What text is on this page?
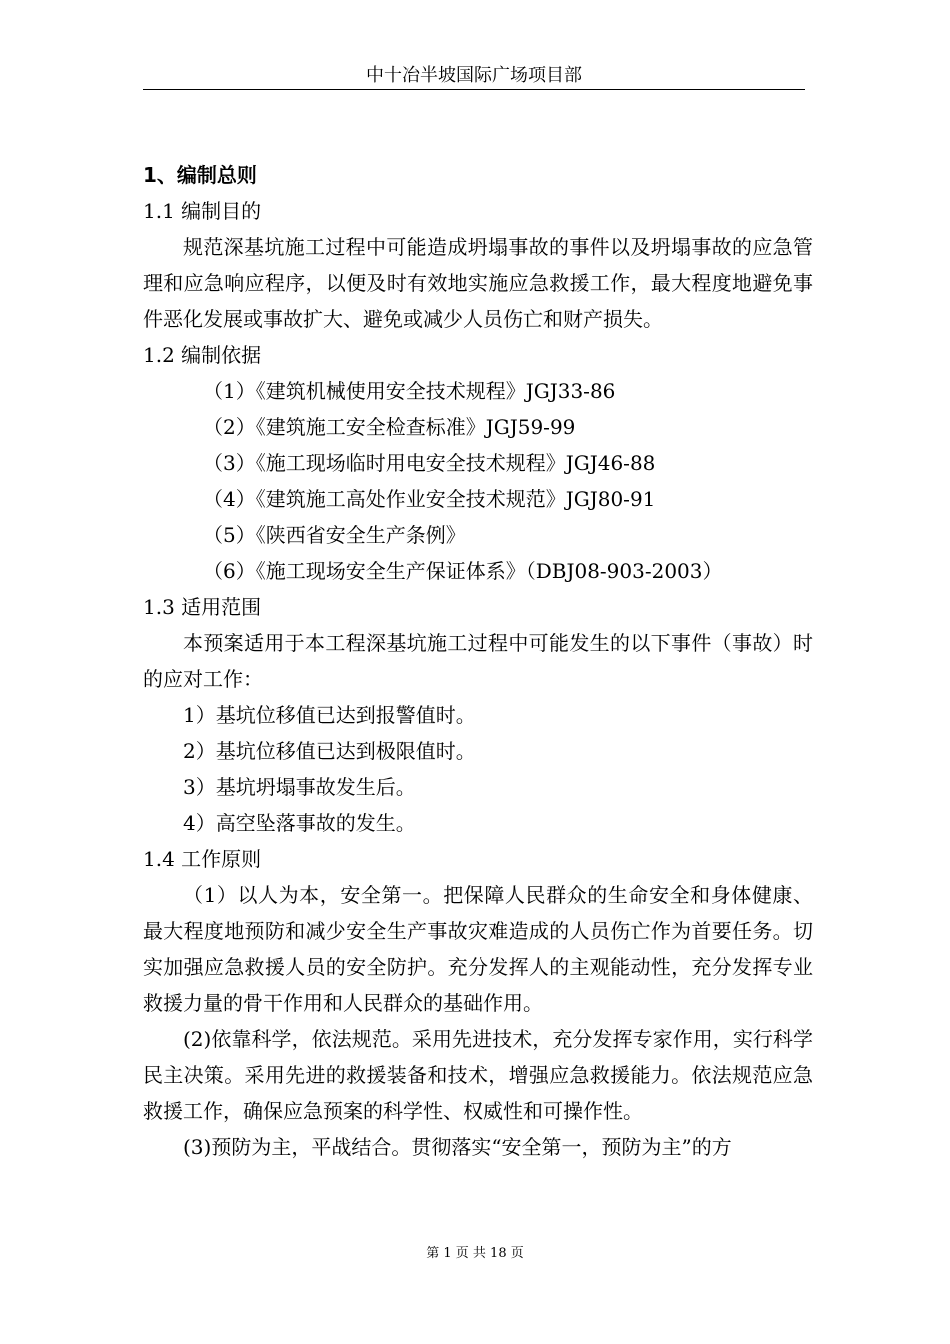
中十冶半坡国际广场项目部
1、编制总则
1.1 编制目的
规范深基坑施工过程中可能造成坍塌事故的事件以及坍塌事故的应急管理和应急响应程序，以便及时有效地实施应急救援工作，最大程度地避免事件恶化发展或事故扩大、避免或减少人员伤亡和财产损失。
1.2 编制依据
（1）《建筑机械使用安全技术规程》JGJ33-86
（2）《建筑施工安全检查标准》JGJ59-99
（3）《施工现场临时用电安全技术规程》JGJ46-88
（4）《建筑施工高处作业安全技术规范》JGJ80-91
（5）《陕西省安全生产条例》
（6）《施工现场安全生产保证体系》（DBJ08-903-2003）
1.3 适用范围
本预案适用于本工程深基坑施工过程中可能发生的以下事件（事故）时的应对工作：
1）基坑位移值已达到报警值时。
2）基坑位移值已达到极限值时。
3）基坑坍塌事故发生后。
4）高空坠落事故的发生。
1.4 工作原则
（1）以人为本，安全第一。把保障人民群众的生命安全和身体健康、最大程度地预防和减少安全生产事故灾难造成的人员伤亡作为首要任务。切实加强应急救援人员的安全防护。充分发挥人的主观能动性，充分发挥专业救援力量的骨干作用和人民群众的基础作用。
(2)依靠科学，依法规范。采用先进技术，充分发挥专家作用，实行科学民主决策。采用先进的救援装备和技术，增强应急救援能力。依法规范应急救援工作，确保应急预案的科学性、权威性和可操作性。
(3)预防为主，平战结合。贯彻落实“安全第一，预防为主”的方
第 1 页 共 18 页
